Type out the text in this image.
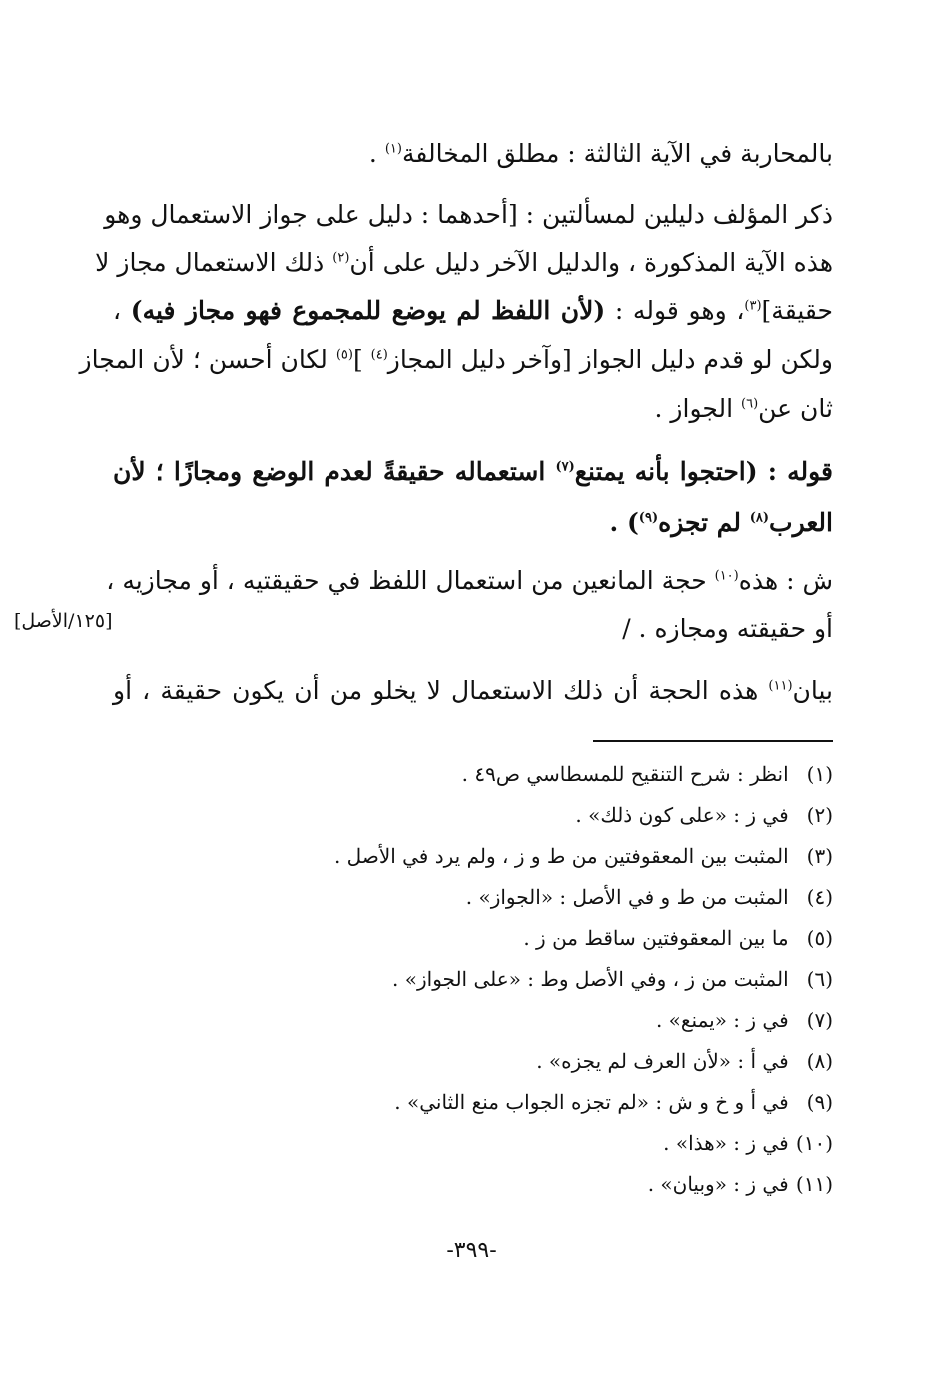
بالمحاربة في الآية الثالثة : مطلق المخالفة$^{(١)}$ .
ذكر المؤلف دليلين لمسألتين : [أحدهما : دليل على جواز الاستعمال وهو
هذه الآية المذكورة ، والدليل الآخر دليل على أن$^{(٢)}$ ذلك الاستعمال مجاز لا
حقيقة]$^{(٣)}$، وهو قوله : (لأن اللفظ لم يوضع للمجموع فهو مجاز فيه) ،
ولكن لو قدم دليل الجواز [وآخر دليل المجاز$^{(٤)}$ ]$^{(٥)}$ لكان أحسن ؛ لأن المجاز
ثان عن$^{(٦)}$ الجواز .
قوله : (احتجوا بأنه يمتنع$^{(٧)}$ استعماله حقيقةً لعدم الوضع ومجازًا ؛ لأن
العرب$^{(٨)}$ لم تجزه$^{(٩)}$) .
ش : هذه$^{(١٠)}$ حجة المانعين من استعمال اللفظ في حقيقتيه ، أو مجازيه ،
أو حقيقته ومجازه . /
[١٢٥/الأصل]
بيان$^{(١١)}$ هذه الحجة أن ذلك الاستعمال لا يخلو من أن يكون حقيقة ، أو
(١) انظر : شرح التنقيح للمسطاسي ص٤٩ .
(٢) في ز : «على كون ذلك» .
(٣) المثبت بين المعقوفتين من ط و ز ، ولم يرد في الأصل .
(٤) المثبت من ط و في الأصل : «الجواز» .
(٥) ما بين المعقوفتين ساقط من ز .
(٦) المثبت من ز ، وفي الأصل وط : «على الجواز» .
(٧) في ز : «يمنع» .
(٨) في أ : «لأن العرف لم يجزه» .
(٩) في أ و خ و ش : «لم تجزه الجواب منع الثاني» .
(١٠) في ز : «هذا» .
(١١) في ز : «وبيان» .
-٣٩٩-
